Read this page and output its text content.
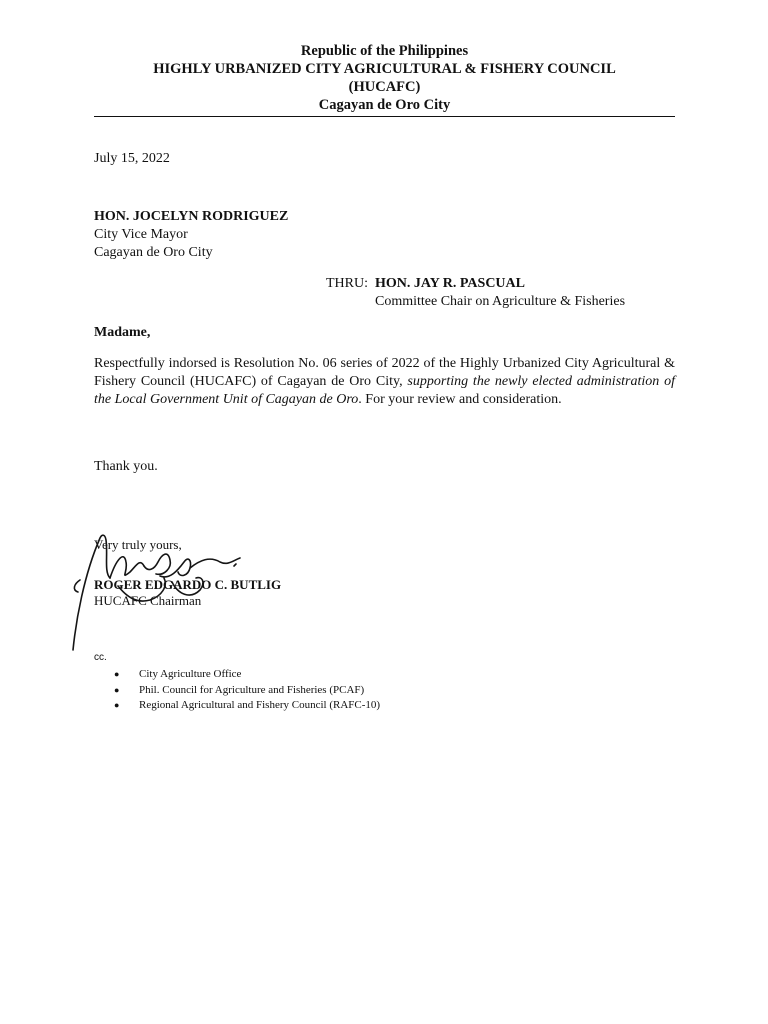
Republic of the Philippines
HIGHLY URBANIZED CITY AGRICULTURAL & FISHERY COUNCIL
(HUCAFC)
Cagayan de Oro City
July 15, 2022
HON. JOCELYN RODRIGUEZ
City Vice Mayor
Cagayan de Oro City
THRU: HON. JAY R. PASCUAL
Committee Chair on Agriculture & Fisheries
Madame,
Respectfully indorsed is Resolution No. 06 series of 2022 of the Highly Urbanized City Agricultural & Fishery Council (HUCAFC) of Cagayan de Oro City, supporting the newly elected administration of the Local Government Unit of Cagayan de Oro. For your review and consideration.
Thank you.
Very truly yours,
ROGER EDGARDO C. BUTLIG
HUCAFC Chairman
cc.
● City Agriculture Office
● Phil. Council for Agriculture and Fisheries (PCAF)
● Regional Agricultural and Fishery Council (RAFC-10)
